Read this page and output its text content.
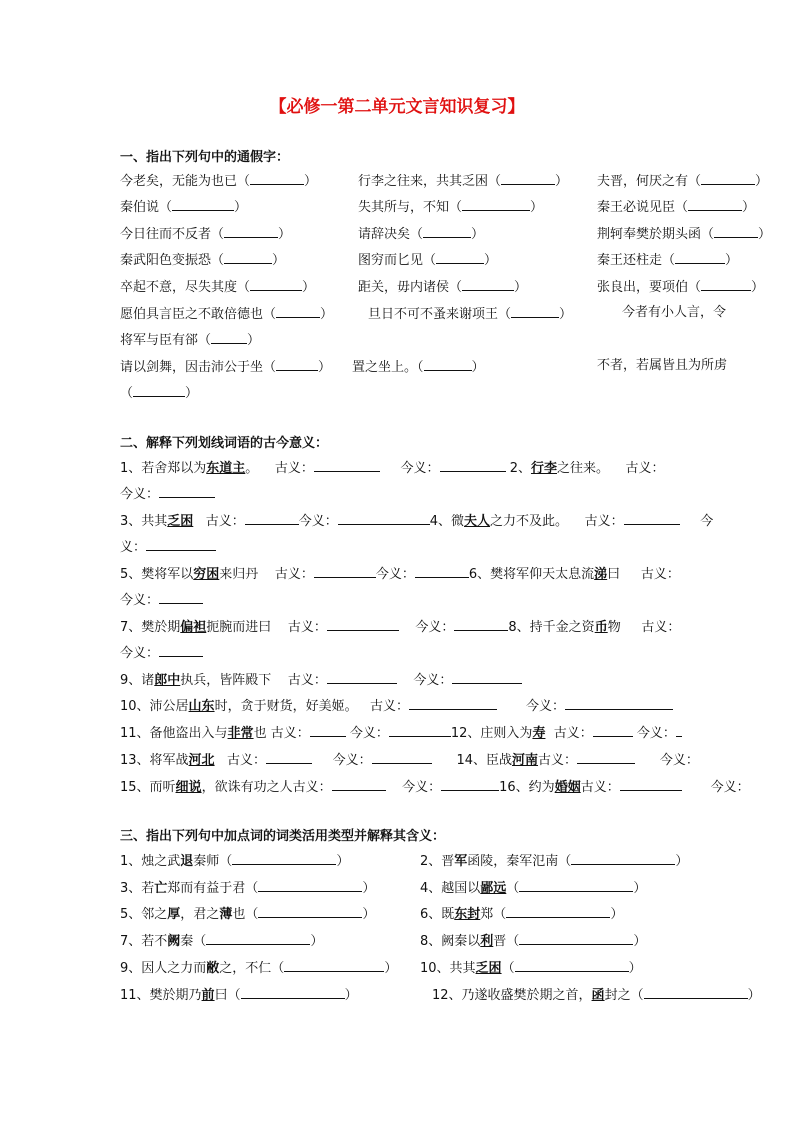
【必修一第二单元文言知识复习】
一、指出下列句中的通假字：
今老矣，无能为也已（	）	行李之往来，共其乏困（	） 夫晋，何厌之有（	）
秦伯说（	）	失其所与，不知（	）	秦王必说见臣（	）
今日往而不反者（	）	请辞决矣（	）	荆轲奉樊於期头函（	）
秦武阳色变振恐（	）	图穷而匕见（	）	秦王还柱走（	）
卒起不意，尽失其度（	）	距关，毋内诸侯（	）	张良出，要项伯（	）
愿伯具言臣之不敢倍德也（	）	旦日不可不蚤来谢项王（	）	今者有小人言，令
将军与臣有郤（	）
请以剑舞，因击沛公于坐（	） 置之坐上。（	）	不者，若属皆且为所虏
（	）
二、解释下列划线词语的古今意义：
1、若舍郑以为东道主。 古义：	今义：	2、行李之往来。 古义：
今义：
3、共其乏困 古义：	今义：	4、微夫人之力不及此。 古义：	今
义：
5、樊将军以穷困来归丹 古义：	今义：	6、樊将军仰天太息流涕曰 古义：
今义：
7、樊於期偏袒扼腕而进曰 古义：	今义：	8、持千金之资币物 古义：
今义：
9、诸郎中执兵，皆阵殿下 古义：	今义：
10、沛公居山东时，贪于财货，好美姬。 古义：	今义：
11、备他盗出入与非常也 古义：	今义：	12、庄则入为寿 古义：	今义：
13、将军战河北 古义：	今义：	14、臣战河南古义：	今义：
15、而听细说，欲诛有功之人古义：	今义：	16、约为婚姻古义：	今义：
三、指出下列句中加点词的词类活用类型并解释其含义：
1、烛之武退秦师（	）	2、晋军函陵，秦军氾南（	）
3、若亡郑而有益于君（	）	4、越国以鄙远（	）
5、邻之厚，君之薄也（	）	6、既东封郑（	）
7、若不阙秦（	）	8、阙秦以利晋（	）
9、因人之力而敝之，不仁（	） 10、共其乏困（	）
11、樊於期乃前曰（	）	12、乃遂收盛樊於期之首，函封之（	）
